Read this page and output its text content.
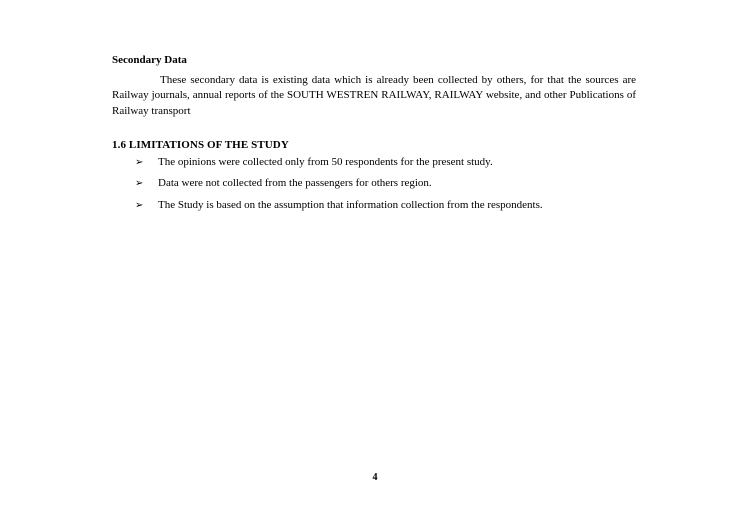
Secondary Data

These secondary data is existing data which is already been collected by others, for that the sources are Railway journals, annual reports of the SOUTH WESTREN RAILWAY, RAILWAY website, and other Publications of Railway transport

1.6 LIMITATIONS OF THE STUDY
➢	The opinions were collected only from 50 respondents for the present study.
➢	Data were not collected from the passengers for others region.
➢	The Study is based on the assumption that information collection from the respondents.
4
